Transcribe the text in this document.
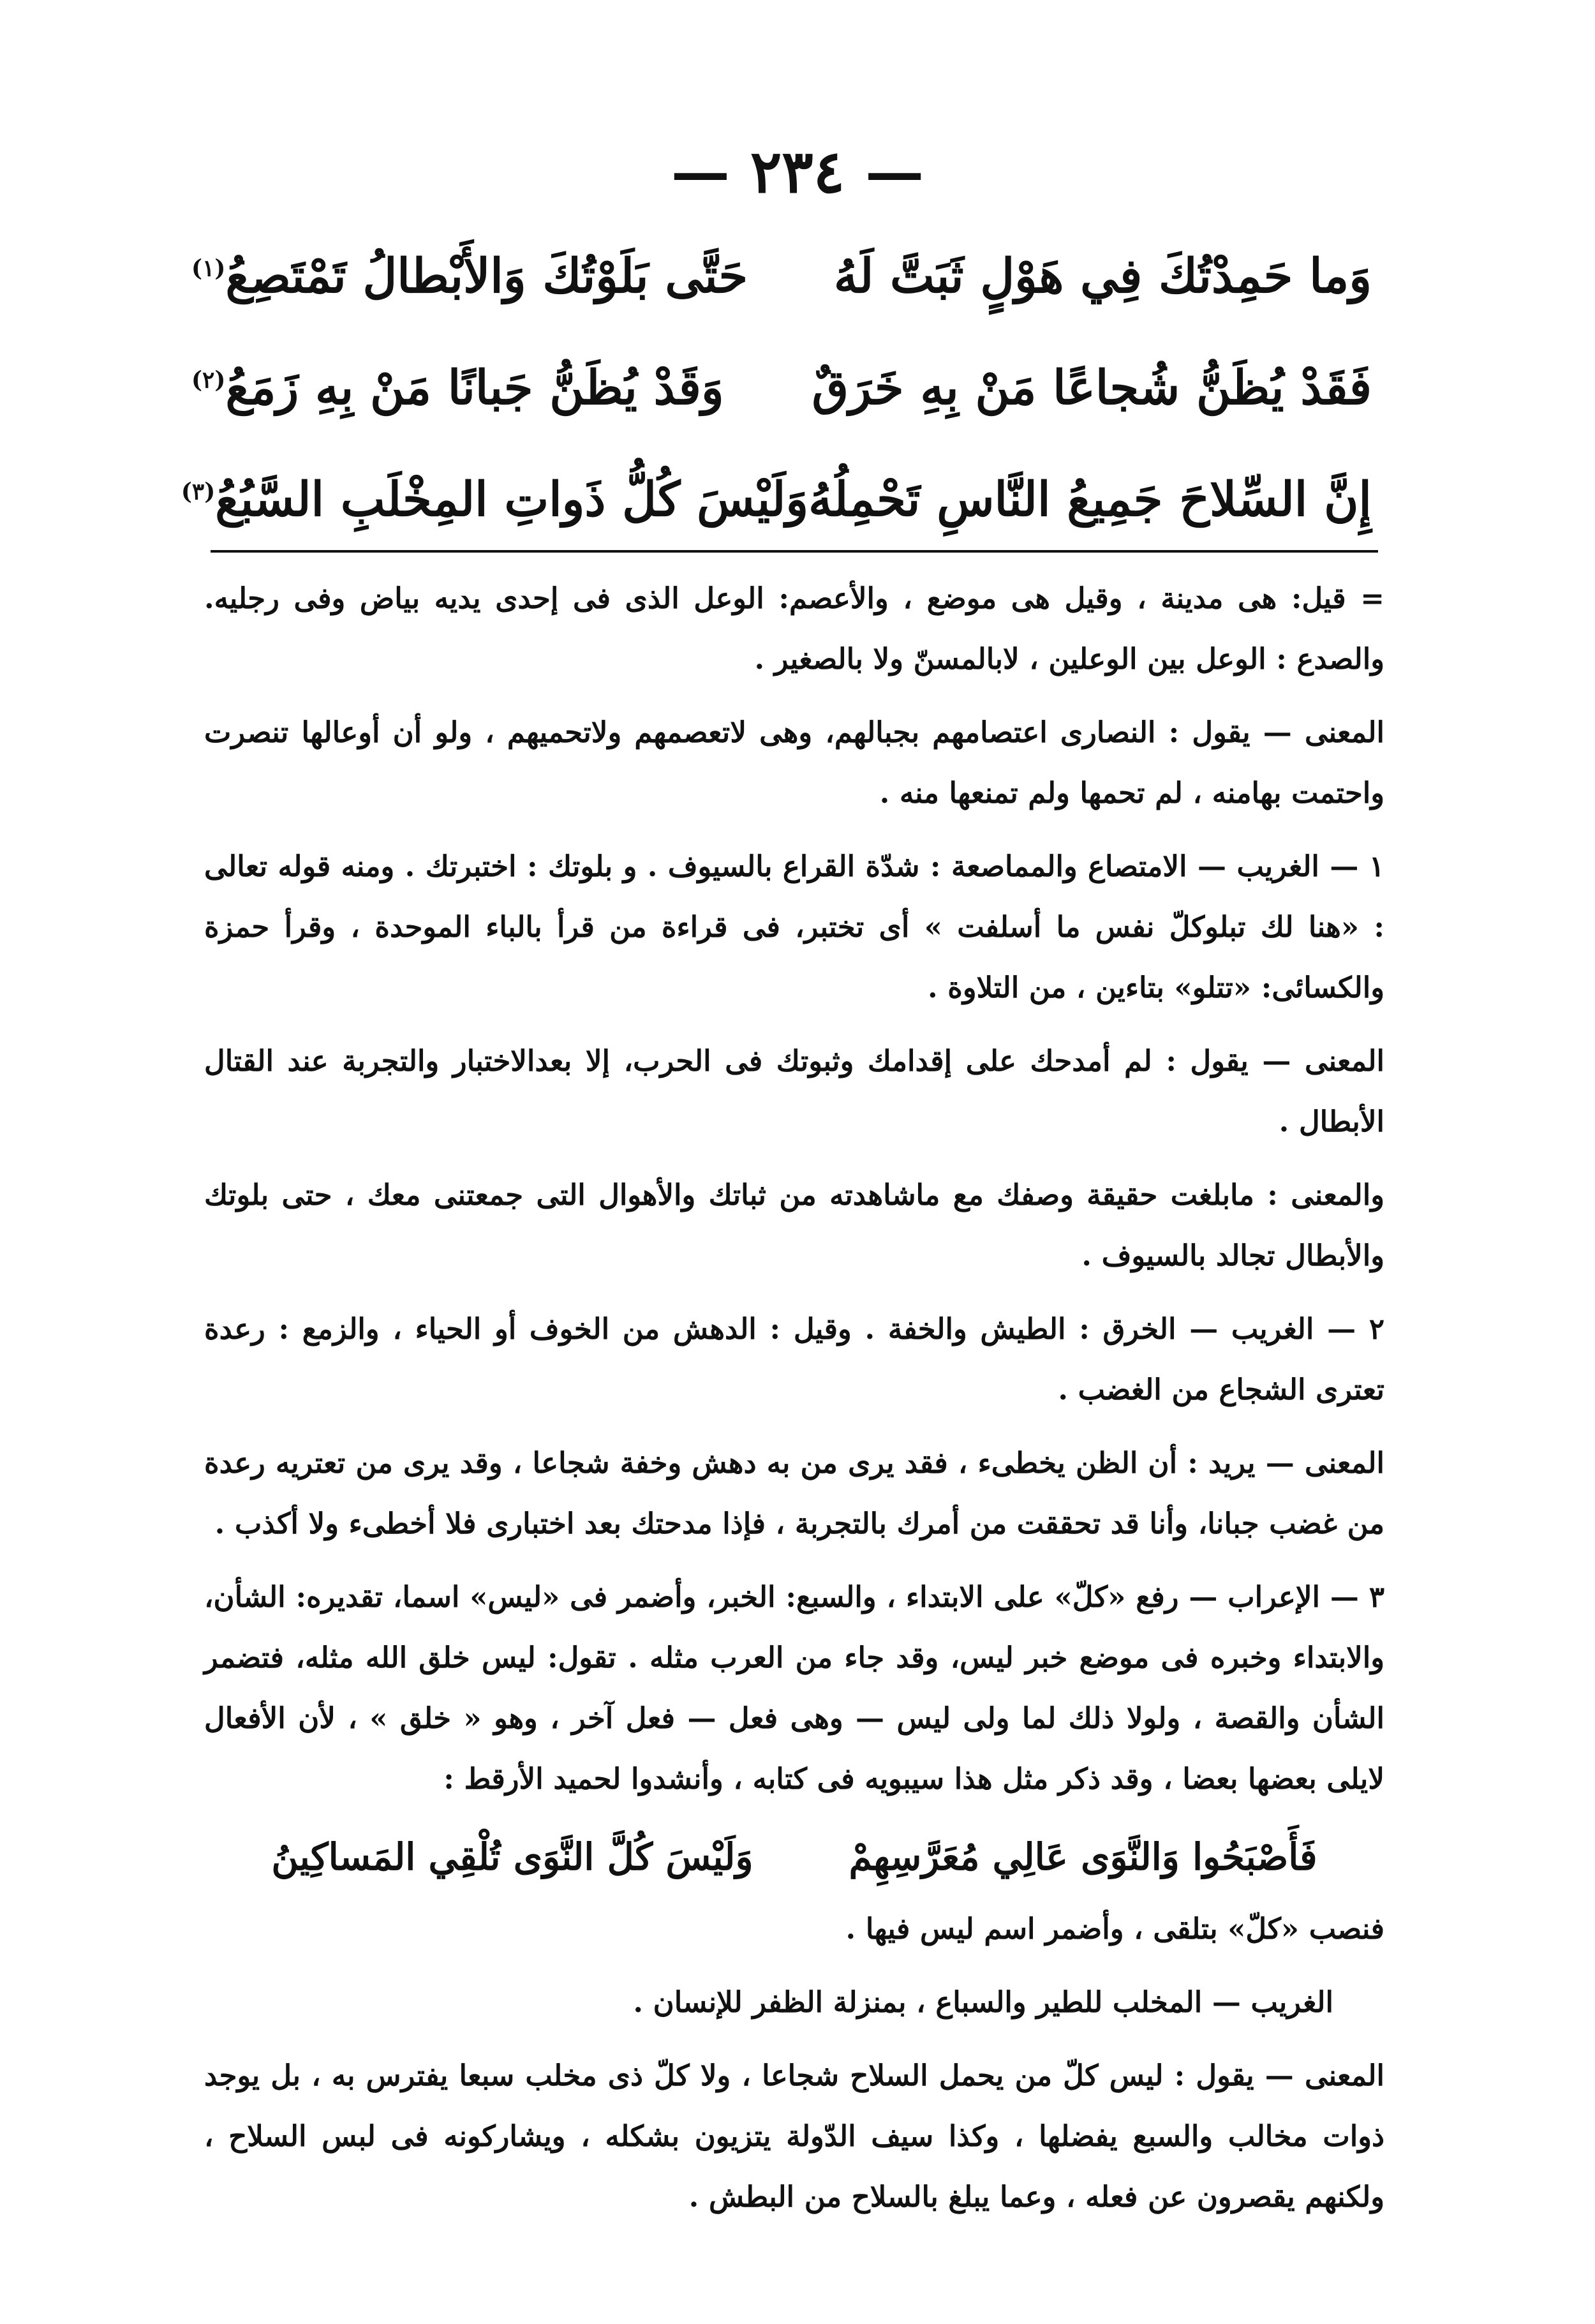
— ٢٣٤ —
وَما حَمِدْتُكَ فِي هَوْلٍ ثَبَتَّ لَهُ
حَتَّى بَلَوْتُكَ وَالأَبْطالُ تَمْتَصِعُ$^{(١)}$
فَقَدْ يُظَنُّ شُجاعًا مَنْ بِهِ خَرَقٌ
وَقَدْ يُظَنُّ جَبانًا مَنْ بِهِ زَمَعُ$^{(٢)}$
إِنَّ السِّلاحَ جَمِيعُ النَّاسِ تَحْمِلُهُ
وَلَيْسَ كُلُّ ذَواتِ المِخْلَبِ السَّبُعُ$^{(٣)}$

= قيل: هى مدينة ، وقيل هى موضع ، والأعصم: الوعل الذى فى إحدى يديه بياض وفى رجليه. والصدع : الوعل بين الوعلين ، لابالمسنّ ولا بالصغير .

المعنى — يقول : النصارى اعتصامهم بجبالهم، وهى لاتعصمهم ولاتحميهم ، ولو أن أوعالها تنصرت واحتمت بهامنه ، لم تحمها ولم تمنعها منه .

١ — الغريب — الامتصاع والمماصعة : شدّة القراع بالسيوف . و بلوتك : اختبرتك . ومنه قوله تعالى : «هنا لك تبلوكلّ نفس ما أسلفت » أى تختبر، فى قراءة من قرأ بالباء الموحدة ، وقرأ حمزة والكسائى: «تتلو» بتاءين ، من التلاوة .

المعنى — يقول : لم أمدحك على إقدامك وثبوتك فى الحرب، إلا بعدالاختبار والتجربة عند القتال الأبطال .

والمعنى : مابلغت حقيقة وصفك مع ماشاهدته من ثباتك والأهوال التى جمعتنى معك ، حتى بلوتك والأبطال تجالد بالسيوف .

٢ — الغريب — الخرق : الطيش والخفة . وقيل : الدهش من الخوف أو الحياء ، والزمع : رعدة تعترى الشجاع من الغضب .

المعنى — يريد : أن الظن يخطىء ، فقد يرى من به دهش وخفة شجاعا ، وقد يرى من تعتريه رعدة من غضب جبانا، وأنا قد تحققت من أمرك بالتجربة ، فإذا مدحتك بعد اختبارى فلا أخطىء ولا أكذب .

٣ — الإعراب — رفع «كلّ» على الابتداء ، والسبع: الخبر، وأضمر فى «ليس» اسما، تقديره: الشأن، والابتداء وخبره فى موضع خبر ليس، وقد جاء من العرب مثله . تقول: ليس خلق الله مثله، فتضمر الشأن والقصة ، ولولا ذلك لما ولى ليس — وهى فعل — فعل آخر ، وهو « خلق » ، لأن الأفعال لايلى بعضها بعضا ، وقد ذكر مثل هذا سيبويه فى كتابه ، وأنشدوا لحميد الأرقط :

فَأَصْبَحُوا وَالنَّوَى عَالِي مُعَرَّسِهِمْ
وَلَيْسَ كُلَّ النَّوَى تُلْقِي المَساكِينُ

فنصب «كلّ» بتلقى ، وأضمر اسم ليس فيها .

الغريب — المخلب للطير والسباع ، بمنزلة الظفر للإنسان .

المعنى — يقول : ليس كلّ من يحمل السلاح شجاعا ، ولا كلّ ذى مخلب سبعا يفترس به ، بل يوجد ذوات مخالب والسبع يفضلها ، وكذا سيف الدّولة يتزيون بشكله ، ويشاركونه فى لبس السلاح ، ولكنهم يقصرون عن فعله ، وعما يبلغ بالسلاح من البطش .
